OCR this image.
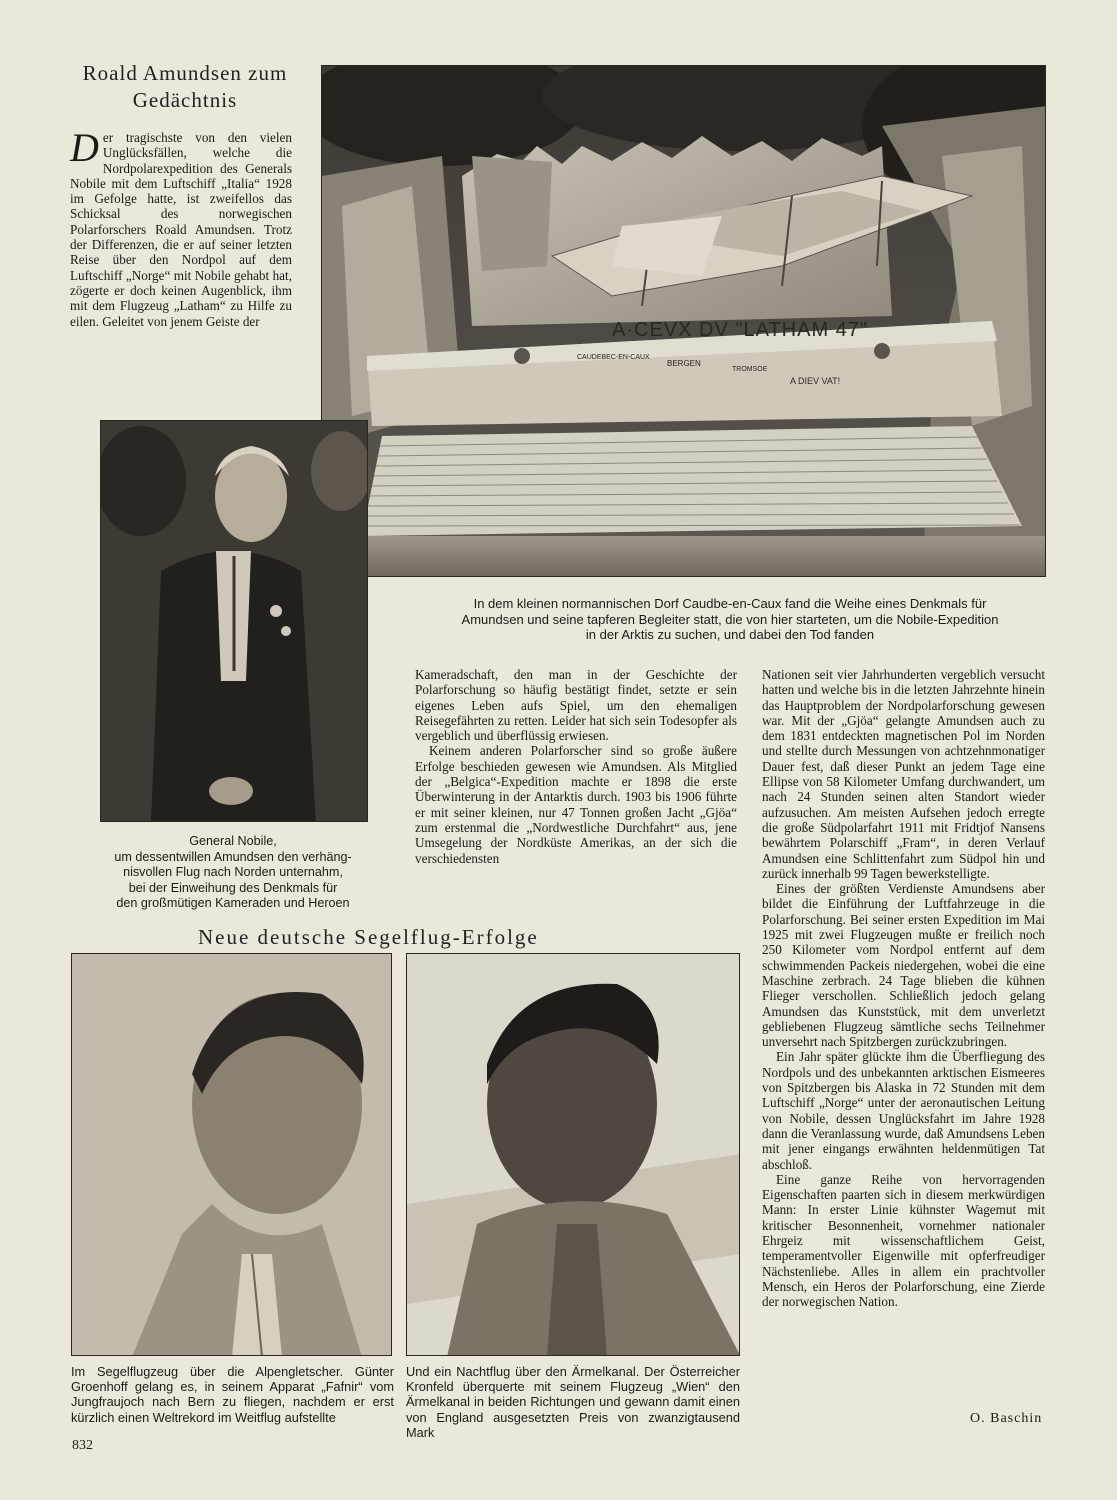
Roald Amundsen zum
Gedächtnis
D er tragischste von den vielen Unglücksfällen, welche die Nordpolarexpedition des Generals Nobile mit dem Luftschiff „Italia“ 1928 im Gefolge hatte, ist zweifellos das Schicksal des norwegischen Polarforschers Roald Amundsen. Trotz der Differenzen, die er auf seiner letzten Reise über den Nordpol auf dem Luftschiff „Norge“ mit Nobile gehabt hat, zögerte er doch keinen Augenblick, ihm mit dem Flugzeug „Latham“ zu Hilfe zu eilen. Geleitet von jenem Geiste der	A·CEVX DV "LATHAM 47"
CAUDEBEC-EN-CAUX
BERGEN
TROMSOE
A DIEV VAT!
In dem kleinen normannischen Dorf Caudbe-en-Caux fand die Weihe eines Denkmals für
Amundsen und seine tapferen Begleiter statt, die von hier starteten, um die Nobile-Expedition
in der Arktis zu suchen, und dabei den Tod fanden
General Nobile,
um dessentwillen Amundsen den verhäng-
nisvollen Flug nach Norden unternahm,
bei der Einweihung des Denkmals für
den großmütigen Kameraden und Heroen

Kameradschaft, den man in der Geschichte der Polarforschung so häufig bestätigt findet, setzte er sein eigenes Leben aufs Spiel, um den ehemaligen Reisegefährten zu retten. Leider hat sich sein Todesopfer als vergeblich und überflüssig erwiesen.

Keinem anderen Polarforscher sind so große äußere Erfolge beschieden gewesen wie Amundsen. Als Mitglied der „Belgica“-Expedition machte er 1898 die erste Überwinterung in der Antarktis durch. 1903 bis 1906 führte er mit seiner kleinen, nur 47 Tonnen großen Jacht „Gjöa“ zum erstenmal die „Nordwestliche Durchfahrt“ aus, jene Umsegelung der Nordküste Amerikas, an der sich die verschiedensten

Nationen seit vier Jahrhunderten vergeblich versucht hatten und welche bis in die letzten Jahrzehnte hinein das Hauptproblem der Nordpolarforschung gewesen war. Mit der „Gjöa“ gelangte Amundsen auch zu dem 1831 entdeckten magnetischen Pol im Norden und stellte durch Messungen von achtzehnmonatiger Dauer fest, daß dieser Punkt an jedem Tage eine Ellipse von 58 Kilometer Umfang durchwandert, um nach 24 Stunden seinen alten Standort wieder aufzusuchen. Am meisten Aufsehen jedoch erregte die große Südpolarfahrt 1911 mit Fridtjof Nansens bewährtem Polarschiff „Fram“, in deren Verlauf Amundsen eine Schlittenfahrt zum Südpol hin und zurück innerhalb 99 Tagen bewerkstelligte.

Eines der größten Verdienste Amundsens aber bildet die Einführung der Luftfahrzeuge in die Polarforschung. Bei seiner ersten Expedition im Mai 1925 mit zwei Flugzeugen mußte er freilich noch 250 Kilometer vom Nordpol entfernt auf dem schwimmenden Packeis niedergehen, wobei die eine Maschine zerbrach. 24 Tage blieben die kühnen Flieger verschollen. Schließlich jedoch gelang Amundsen das Kunststück, mit dem unverletzt gebliebenen Flugzeug sämtliche sechs Teilnehmer unversehrt nach Spitzbergen zurückzubringen.

Ein Jahr später glückte ihm die Überfliegung des Nordpols und des unbekannten arktischen Eismeeres von Spitzbergen bis Alaska in 72 Stunden mit dem Luftschiff „Norge“ unter der aeronautischen Leitung von Nobile, dessen Unglücksfahrt im Jahre 1928 dann die Veranlassung wurde, daß Amundsens Leben mit jener eingangs erwähnten heldenmütigen Tat abschloß.

Eine ganze Reihe von hervorragenden Eigenschaften paarten sich in diesem merkwürdigen Mann: In erster Linie kühnster Wagemut mit kritischer Besonnenheit, vornehmer nationaler Ehrgeiz mit wissenschaftlichem Geist, temperamentvoller Eigenwille mit opferfreudiger Nächstenliebe. Alles in allem ein prachtvoller Mensch, ein Heros der Polarforschung, eine Zierde der norwegischen Nation.

Neue deutsche Segelflug-Erfolge
Im Segelflugzeug über die Alpengletscher. Günter Groenhoff gelang es, in seinem Apparat „Fafnir“ vom Jungfraujoch nach Bern zu fliegen, nachdem er erst kürzlich einen Weltrekord im Weitflug aufstellte
Und ein Nachtflug über den Ärmelkanal. Der Österreicher Kronfeld überquerte mit seinem Flugzeug „Wien“ den Ärmelkanal in beiden Richtungen und gewann damit einen von England ausgesetzten Preis von zwanzigtausend Mark
O. Baschin
832
